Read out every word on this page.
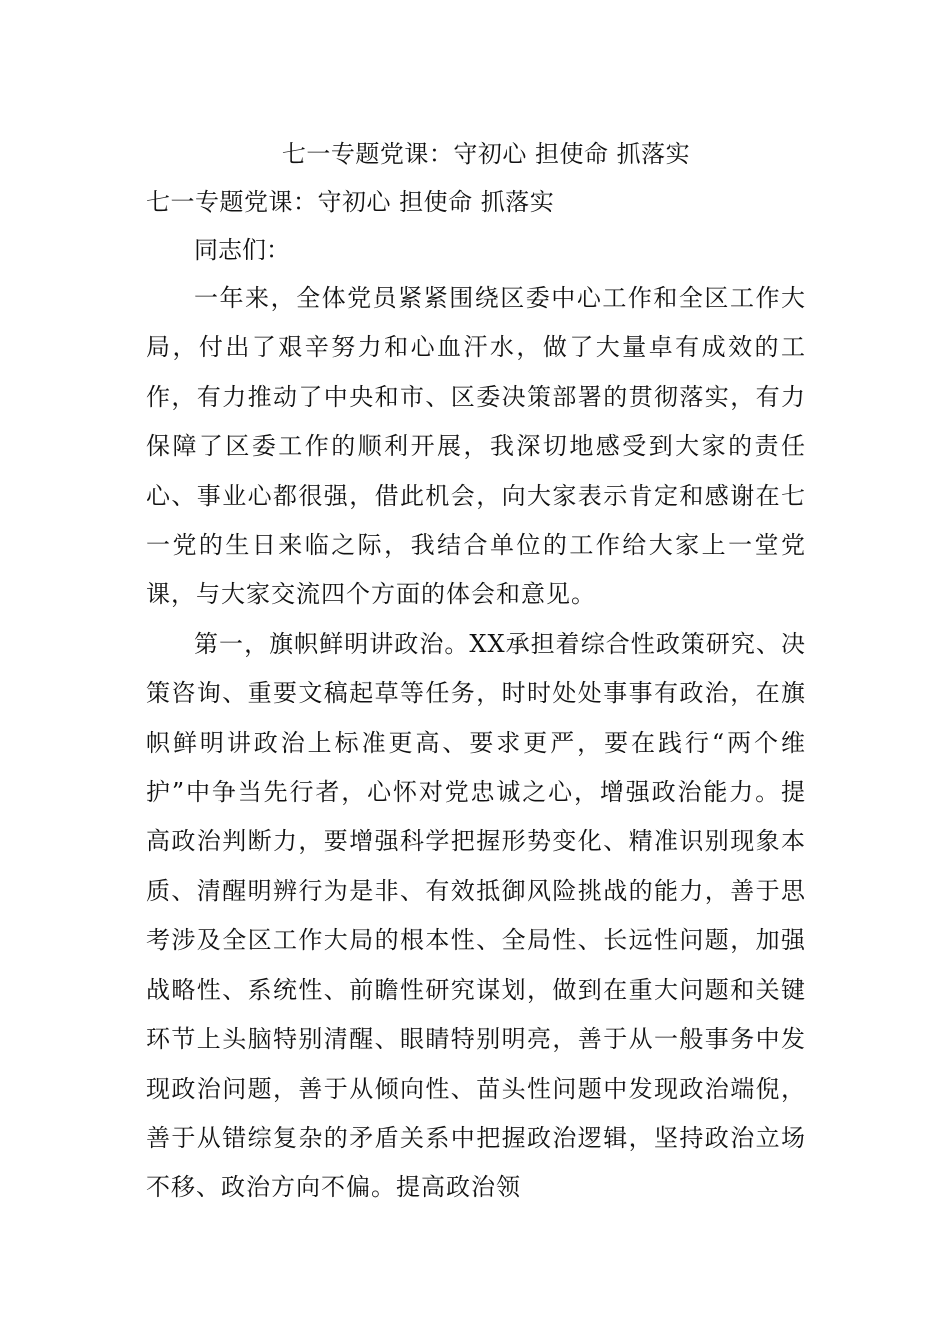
七一专题党课：守初心 担使命 抓落实
七一专题党课：守初心 担使命 抓落实

同志们：

一年来，全体党员紧紧围绕区委中心工作和全区工作大局，付出了艰辛努力和心血汗水，做了大量卓有成效的工作，有力推动了中央和市、区委决策部署的贯彻落实，有力保障了区委工作的顺利开展，我深切地感受到大家的责任心、事业心都很强，借此机会，向大家表示肯定和感谢在七一党的生日来临之际，我结合单位的工作给大家上一堂党课，与大家交流四个方面的体会和意见。

第一，旗帜鲜明讲政治。XX承担着综合性政策研究、决策咨询、重要文稿起草等任务，时时处处事事有政治，在旗帜鲜明讲政治上标准更高、要求更严，要在践行“两个维护”中争当先行者，心怀对党忠诚之心，增强政治能力。提高政治判断力，要增强科学把握形势变化、精准识别现象本质、清醒明辨行为是非、有效抵御风险挑战的能力，善于思考涉及全区工作大局的根本性、全局性、长远性问题，加强战略性、系统性、前瞻性研究谋划，做到在重大问题和关键环节上头脑特别清醒、眼睛特别明亮，善于从一般事务中发现政治问题，善于从倾向性、苗头性问题中发现政治端倪，善于从错综复杂的矛盾关系中把握政治逻辑，坚持政治立场不移、政治方向不偏。提高政治领
